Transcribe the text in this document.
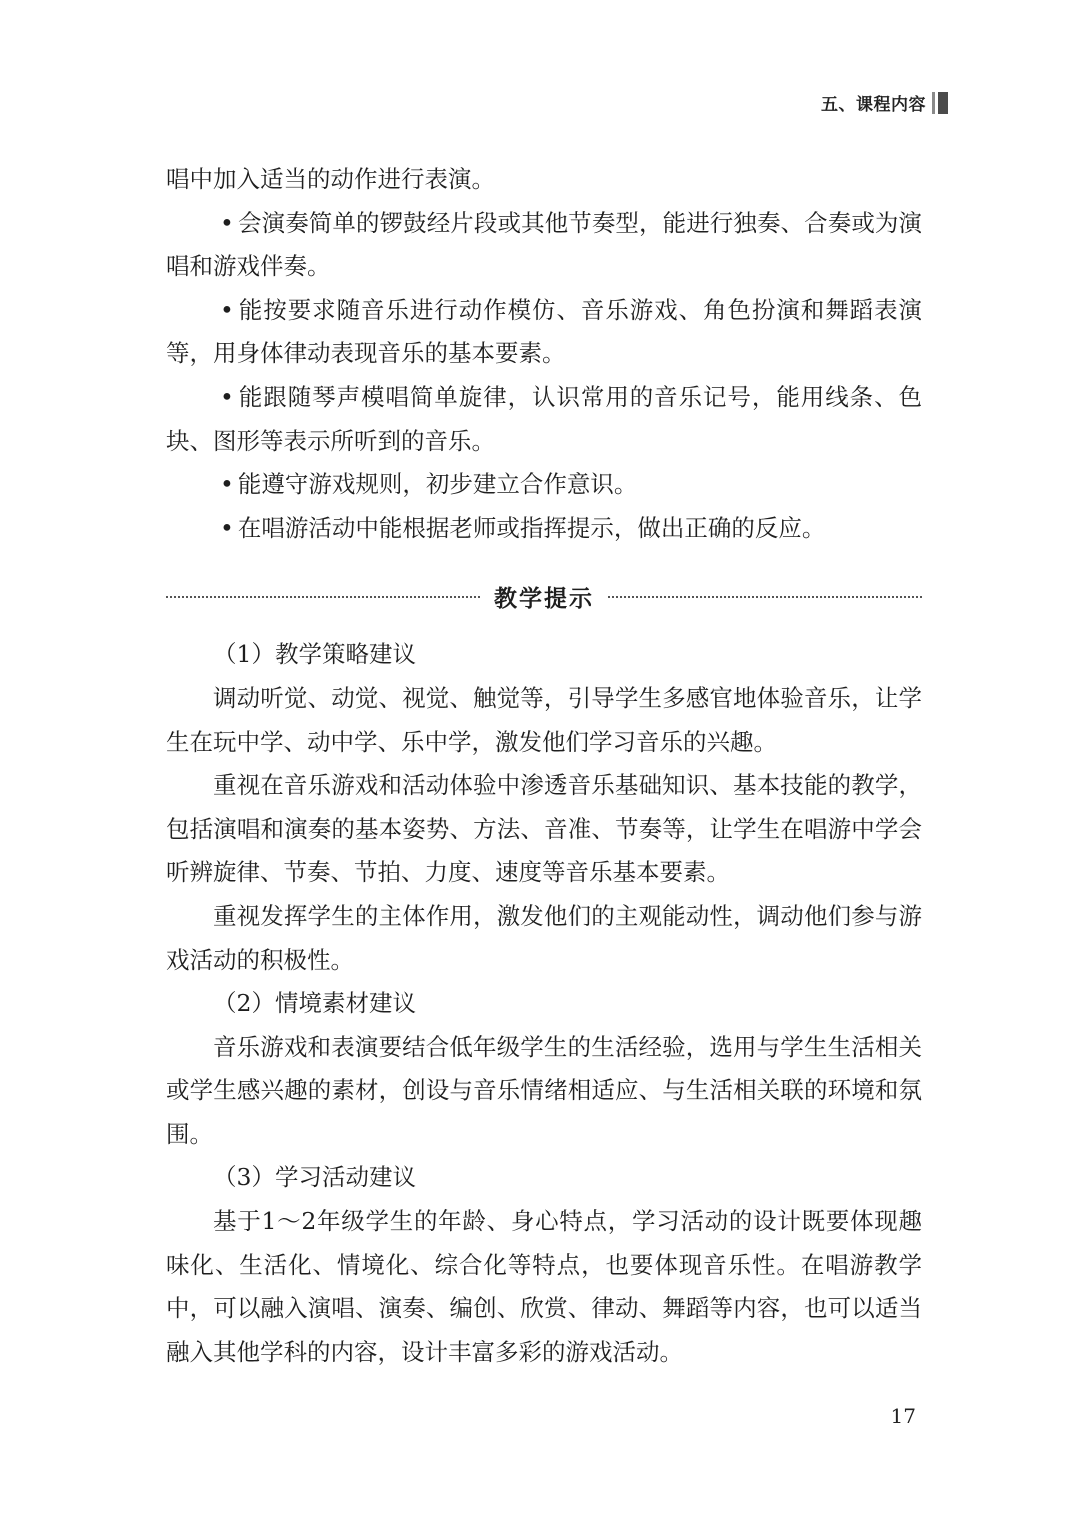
五、课程内容

唱中加入适当的动作进行表演。

• 会演奏简单的锣鼓经片段或其他节奏型，能进行独奏、合奏或为演唱和游戏伴奏。

• 能按要求随音乐进行动作模仿、音乐游戏、角色扮演和舞蹈表演等，用身体律动表现音乐的基本要素。

• 能跟随琴声模唱简单旋律，认识常用的音乐记号，能用线条、色块、图形等表示所听到的音乐。

• 能遵守游戏规则，初步建立合作意识。

• 在唱游活动中能根据老师或指挥提示，做出正确的反应。

教学提示

（1）教学策略建议

调动听觉、动觉、视觉、触觉等，引导学生多感官地体验音乐，让学生在玩中学、动中学、乐中学，激发他们学习音乐的兴趣。

重视在音乐游戏和活动体验中渗透音乐基础知识、基本技能的教学，包括演唱和演奏的基本姿势、方法、音准、节奏等，让学生在唱游中学会听辨旋律、节奏、节拍、力度、速度等音乐基本要素。

重视发挥学生的主体作用，激发他们的主观能动性，调动他们参与游戏活动的积极性。

（2）情境素材建议

音乐游戏和表演要结合低年级学生的生活经验，选用与学生生活相关或学生感兴趣的素材，创设与音乐情绪相适应、与生活相关联的环境和氛围。

（3）学习活动建议

基于1～2年级学生的年龄、身心特点，学习活动的设计既要体现趣味化、生活化、情境化、综合化等特点，也要体现音乐性。在唱游教学中，可以融入演唱、演奏、编创、欣赏、律动、舞蹈等内容，也可以适当融入其他学科的内容，设计丰富多彩的游戏活动。

17
